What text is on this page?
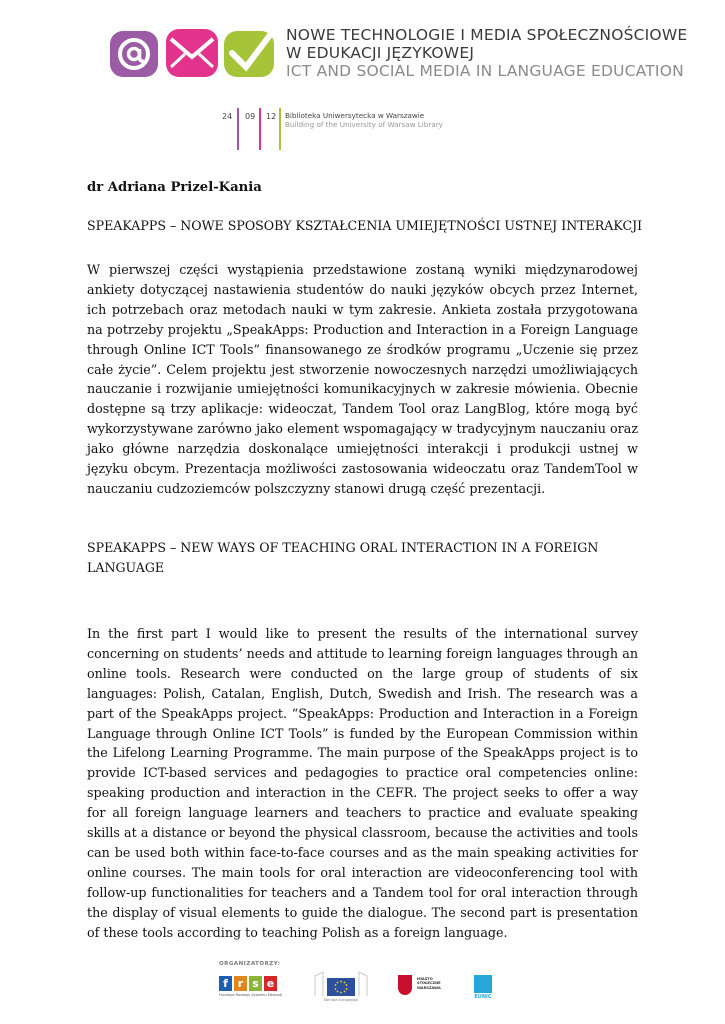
NOWE TECHNOLOGIE I MEDIA SPOŁECZNOŚCIOWE
W EDUKACJI JĘZYKOWEJ
ICT AND SOCIAL MEDIA IN LANGUAGE EDUCATION
24 09 12 Biblioteka Uniwersytecka w Warszawie
Building of the University of Warsaw Library
dr Adriana Prizel-Kania
SPEAKAPPS – NOWE SPOSOBY KSZTAŁCENIA UMIEJĘTNOŚCI USTNEJ INTERAKCJI
W pierwszej części wystąpienia przedstawione zostaną wyniki międzynarodowej ankiety dotyczącej nastawienia studentów do nauki języków obcych przez Internet, ich potrzebach oraz metodach nauki w tym zakresie. Ankieta została przygotowana na potrzeby projektu „SpeakApps: Production and Interaction in a Foreign Language through Online ICT Tools” finansowanego ze środków programu „Uczenie się przez całe życie”. Celem projektu jest stworzenie nowoczesnych narzędzi umożliwiających nauczanie i rozwijanie umiejętności komunikacyjnych w zakresie mówienia. Obecnie dostępne są trzy aplikacje: wideoczat, Tandem Tool oraz LangBlog, które mogą być wykorzystywane zarówno jako element wspomagający w tradycyjnym nauczaniu oraz jako główne narzędzia doskonalące umiejętności interakcji i produkcji ustnej w języku obcym. Prezentacja możliwości zastosowania wideoczatu oraz TandemTool w nauczaniu cudzoziemców polszczyzny stanowi drugą część prezentacji.
SPEAKAPPS – NEW WAYS OF TEACHING ORAL INTERACTION IN A FOREIGN LANGUAGE
In the first part I would like to present the results of the international survey concerning on students’ needs and attitude to learning foreign languages through an online tools. Research were conducted on the large group of students of six languages: Polish, Catalan, English, Dutch, Swedish and Irish. The research was a part of the SpeakApps project. “SpeakApps: Production and Interaction in a Foreign Language through Online ICT Tools” is funded by the European Commission within the Lifelong Learning Programme. The main purpose of the SpeakApps project is to provide ICT-based services and pedagogies to practice oral competencies online: speaking production and interaction in the CEFR. The project seeks to offer a way for all foreign language learners and teachers to practice and evaluate speaking skills at a distance or beyond the physical classroom, because the activities and tools can be used both within face-to-face courses and as the main speaking activities for online courses. The main tools for oral interaction are videoconferencing tool with follow-up functionalities for teachers and a Tandem tool for oral interaction through the display of visual elements to guide the dialogue. The second part is presentation of these tools according to teaching Polish as a foreign language.
ORGANIZATORZY:
f r s e
Fundacja Rozwoju Systemu Edukacji
Komisja Europejska
MIASTO
STOŁECZNE
WARSZAWA
EUNIC
